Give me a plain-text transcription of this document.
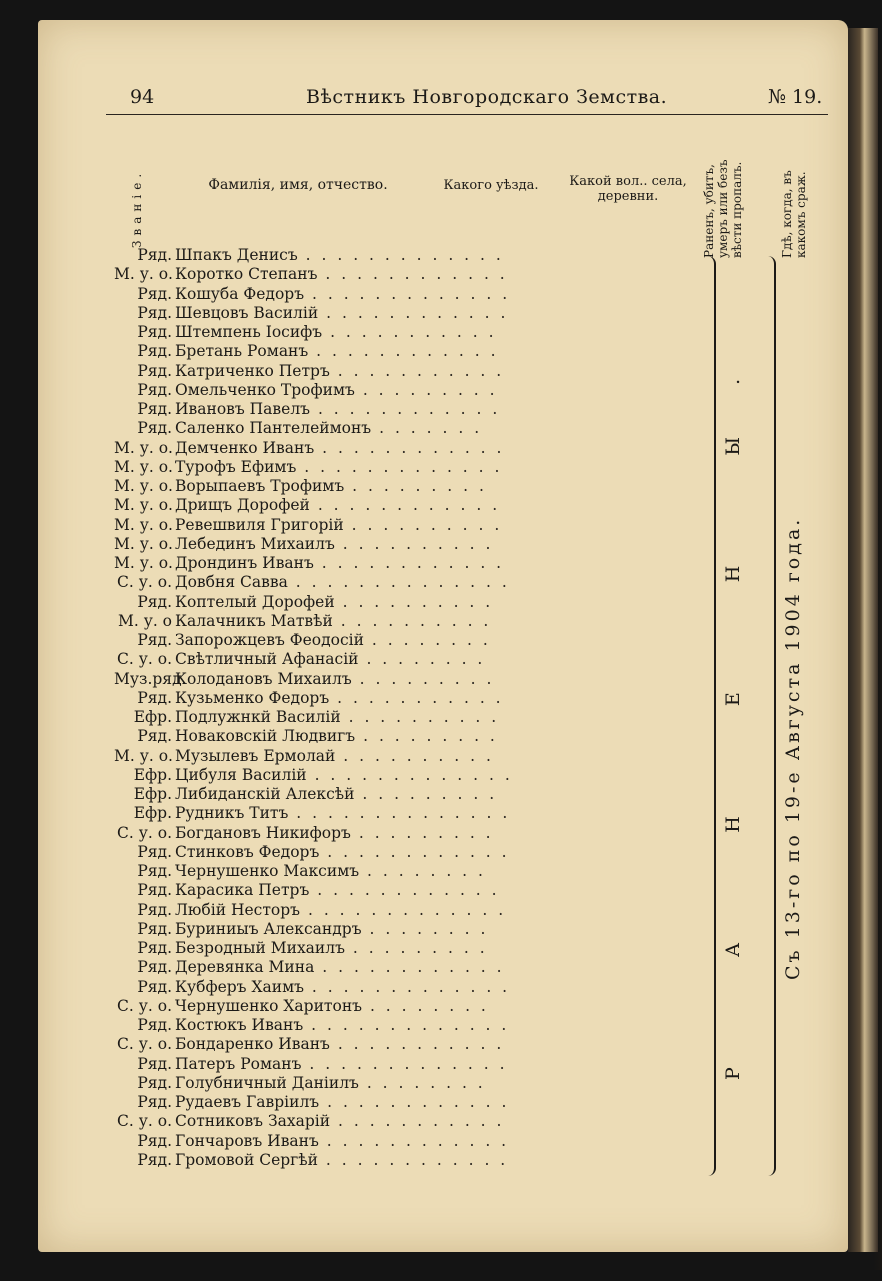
94	Вѣстникъ Новгородскаго Земства.	№ 19.
Званіе.	Фамилія, имя, отчество.	Какого уѣзда.	Какой вол.. села, деревни.	Раненъ, убитъ, умеръ или безъ вѣсти пропалъ.	Гдѣ, когда, въ какомъ сраж.
Ряд. Шпакъ Денисъ . . . . . . . . . . . . .
М. у. о. Коротко Степанъ . . . . . . . . . . . .
Ряд. Кошуба Федоръ . . . . . . . . . . . . .
Ряд. Шевцовъ Василій . . . . . . . . . . . .
Ряд. Штемпень Іосифъ . . . . . . . . . . .
Ряд. Бретань Романъ . . . . . . . . . . . .
Ряд. Катриченко Петръ . . . . . . . . . . .
Ряд. Омельченко Трофимъ . . . . . . . . .
Ряд. Ивановъ Павелъ . . . . . . . . . . . .
Ряд. Саленко Пантелеймонъ . . . . . . .
М. у. о. Демченко Иванъ . . . . . . . . . . . .
М. у. о. Турофъ Ефимъ . . . . . . . . . . . . .
М. у. о. Ворыпаевъ Трофимъ . . . . . . . . .
М. у. о. Дрищъ Дорофей . . . . . . . . . . . .
М. у. о. Ревешвиля Григорій . . . . . . . . . .
М. у. о. Лебединъ Михаилъ . . . . . . . . . .
М. у. о. Дрондинъ Иванъ . . . . . . . . . . . .
С. у. о. Довбня Савва . . . . . . . . . . . . . .
Ряд. Коптелый Дорофей . . . . . . . . . .
М. у. о Калачникъ Матвѣй . . . . . . . . . .
Ряд. Запорожцевъ Феодосій . . . . . . . .
С. у. о. Свѣтличный Афанасій . . . . . . . .
Муз.ряд.Колодановъ Михаилъ . . . . . . . . .
Ряд. Кузьменко Федоръ . . . . . . . . . . .
Ефр. Подлужнкй Василій . . . . . . . . . .
Ряд. Новаковскій Людвигъ . . . . . . . . .
М. у. о. Музылевъ Ермолай . . . . . . . . . .
Ефр. Цибуля Василій . . . . . . . . . . . . .
Ефр. Либиданскій Алексѣй . . . . . . . . .
Ефр. Рудникъ Титъ . . . . . . . . . . . . . .
С. у. о. Богдановъ Никифоръ . . . . . . . . .
Ряд. Стинковъ Федоръ . . . . . . . . . . . .
Ряд. Чернушенко Максимъ . . . . . . . .
Ряд. Карасика Петръ . . . . . . . . . . . .
Ряд. Любій Несторъ . . . . . . . . . . . . .
Ряд. Буриниыъ Александръ . . . . . . . .
Ряд. Безродный Михаилъ . . . . . . . . .
Ряд. Деревянка Мина . . . . . . . . . . . .
Ряд. Кубферъ Хаимъ . . . . . . . . . . . . .
С. у. о. Чернушенко Харитонъ . . . . . . . .
Ряд. Костюкъ Иванъ . . . . . . . . . . . . .
С. у. о. Бондаренко Иванъ . . . . . . . . . . .
Ряд. Патеръ Романъ . . . . . . . . . . . . .
Ряд. Голубничный Даніилъ . . . . . . . .
Ряд. Рудаевъ Гавріилъ . . . . . . . . . . . .
С. у. о. Сотниковъ Захарій . . . . . . . . . . .
Ряд. Гончаровъ Иванъ . . . . . . . . . . . .
Ряд. Громовой Сергѣй . . . . . . . . . . . .
Р А Н Е Н Ы. Съ 13-го по 19-е Августа 1904 года.
